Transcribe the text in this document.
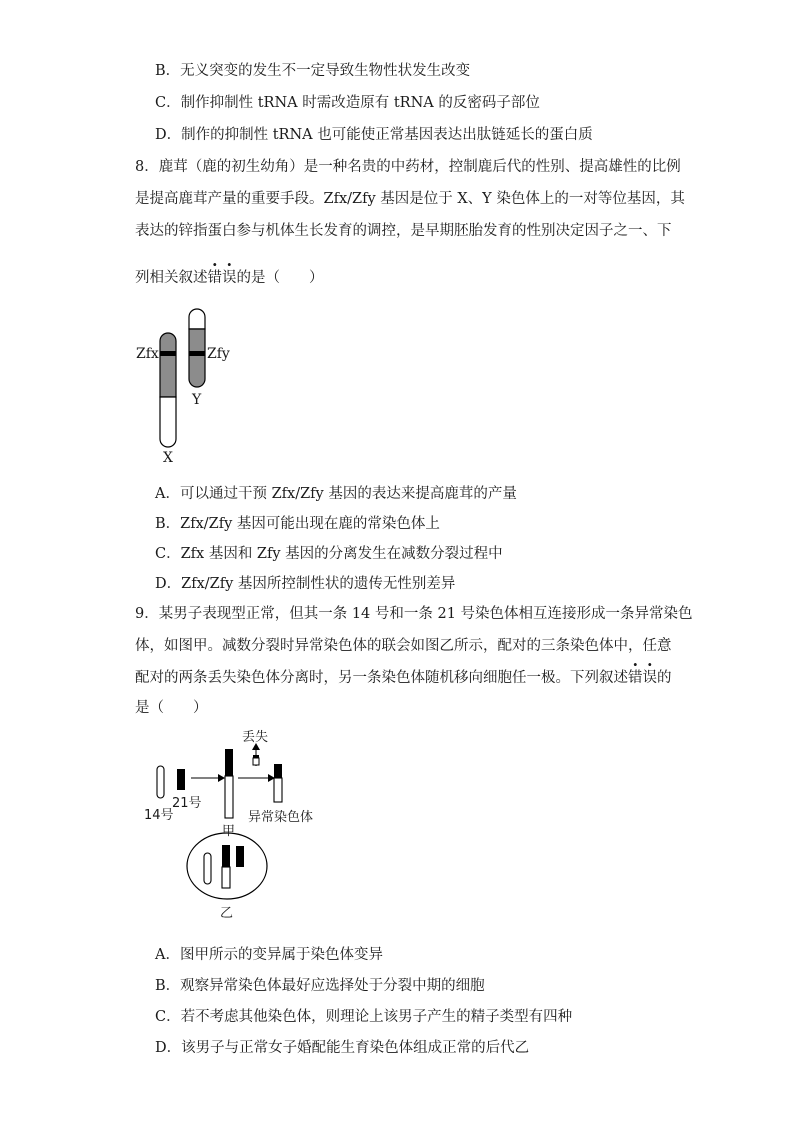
B．无义突变的发生不一定导致生物性状发生改变
C．制作抑制性 tRNA 时需改造原有 tRNA 的反密码子部位
D．制作的抑制性 tRNA 也可能使正常基因表达出肽链延长的蛋白质
8．鹿茸（鹿的初生幼角）是一种名贵的中药材，控制鹿后代的性别、提高雄性的比例
是提高鹿茸产量的重要手段。Zfx/Zfy 基因是位于 X、Y 染色体上的一对等位基因，其
表达的锌指蛋白参与机体生长发育的调控，是早期胚胎发育的性别决定因子之一、下
列相关叙述错误的是（　　）
Zfx	Zfy
Y
X
A．可以通过干预 Zfx/Zfy 基因的表达来提高鹿茸的产量
B．Zfx/Zfy 基因可能出现在鹿的常染色体上
C．Zfx 基因和 Zfy 基因的分离发生在减数分裂过程中
D．Zfx/Zfy 基因所控制性状的遗传无性别差异
9．某男子表现型正常，但其一条 14 号和一条 21 号染色体相互连接形成一条异常染色
体，如图甲。减数分裂时异常染色体的联会如图乙所示，配对的三条染色体中，任意
配对的两条丢失染色体分离时，另一条染色体随机移向细胞任一极。下列叙述错误的
是（　　）
丢失
14号
21号
甲
异常染色体
乙
A．图甲所示的变异属于染色体变异
B．观察异常染色体最好应选择处于分裂中期的细胞
C．若不考虑其他染色体，则理论上该男子产生的精子类型有四种
D．该男子与正常女子婚配能生育染色体组成正常的后代乙
